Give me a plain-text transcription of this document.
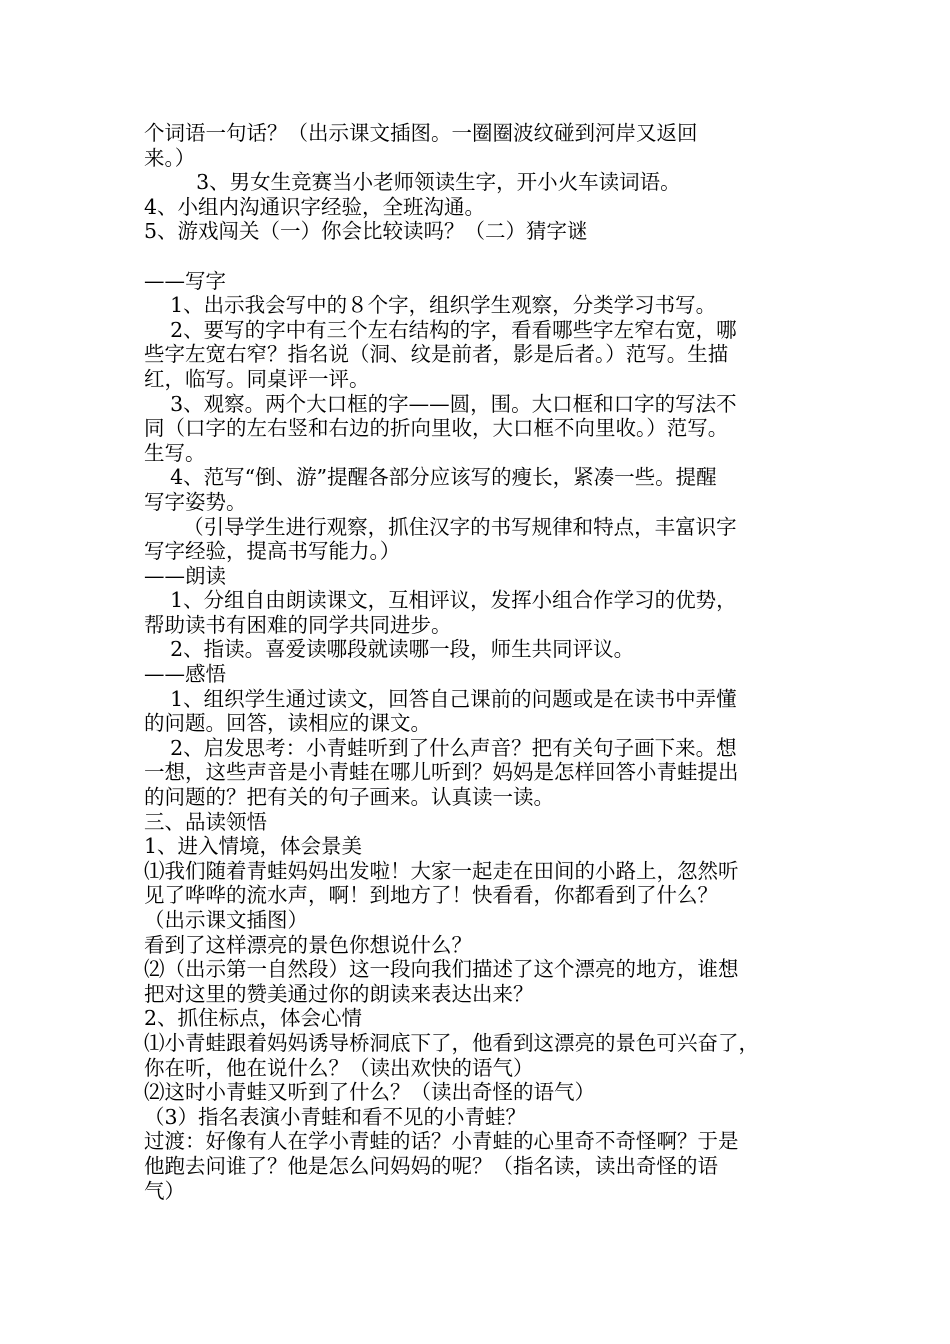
个词语一句话？（出示课文插图。一圈圈波纹碰到河岸又返回

来。）

3、男女生竞赛当小老师领读生字，开小火车读词语。

4、小组内沟通识字经验，全班沟通。

5、游戏闯关（一）你会比较读吗？（二）猜字谜

——写字

1、出示我会写中的８个字，组织学生观察，分类学习书写。

2、要写的字中有三个左右结构的字，看看哪些字左窄右宽，哪

些字左宽右窄？指名说（洞、纹是前者，影是后者。）范写。生描

红，临写。同桌评一评。

3、观察。两个大口框的字——圆，围。大口框和口字的写法不

同（口字的左右竖和右边的折向里收，大口框不向里收。）范写。

生写。

4、范写“倒、游”提醒各部分应该写的瘦长，紧凑一些。提醒

写字姿势。

（引导学生进行观察，抓住汉字的书写规律和特点，丰富识字

写字经验，提高书写能力。）

——朗读

1、分组自由朗读课文，互相评议，发挥小组合作学习的优势，

帮助读书有困难的同学共同进步。

2、指读。喜爱读哪段就读哪一段，师生共同评议。

——感悟

1、组织学生通过读文，回答自己课前的问题或是在读书中弄懂

的问题。回答，读相应的课文。

2、启发思考：小青蛙听到了什么声音？把有关句子画下来。想

一想，这些声音是小青蛙在哪儿听到？妈妈是怎样回答小青蛙提出

的问题的？把有关的句子画来。认真读一读。

三、品读领悟

1、进入情境，体会景美

⑴我们随着青蛙妈妈出发啦！大家一起走在田间的小路上，忽然听

见了哗哗的流水声，啊！到地方了！快看看，你都看到了什么？

（出示课文插图）

看到了这样漂亮的景色你想说什么？

⑵（出示第一自然段）这一段向我们描述了这个漂亮的地方，谁想

把对这里的赞美通过你的朗读来表达出来？

2、抓住标点，体会心情

⑴小青蛙跟着妈妈诱导桥洞底下了，他看到这漂亮的景色可兴奋了，

你在听，他在说什么？（读出欢快的语气）

⑵这时小青蛙又听到了什么？（读出奇怪的语气）

（3）指名表演小青蛙和看不见的小青蛙？

过渡：好像有人在学小青蛙的话？小青蛙的心里奇不奇怪啊？于是

他跑去问谁了？他是怎么问妈妈的呢？（指名读，读出奇怪的语

气）
